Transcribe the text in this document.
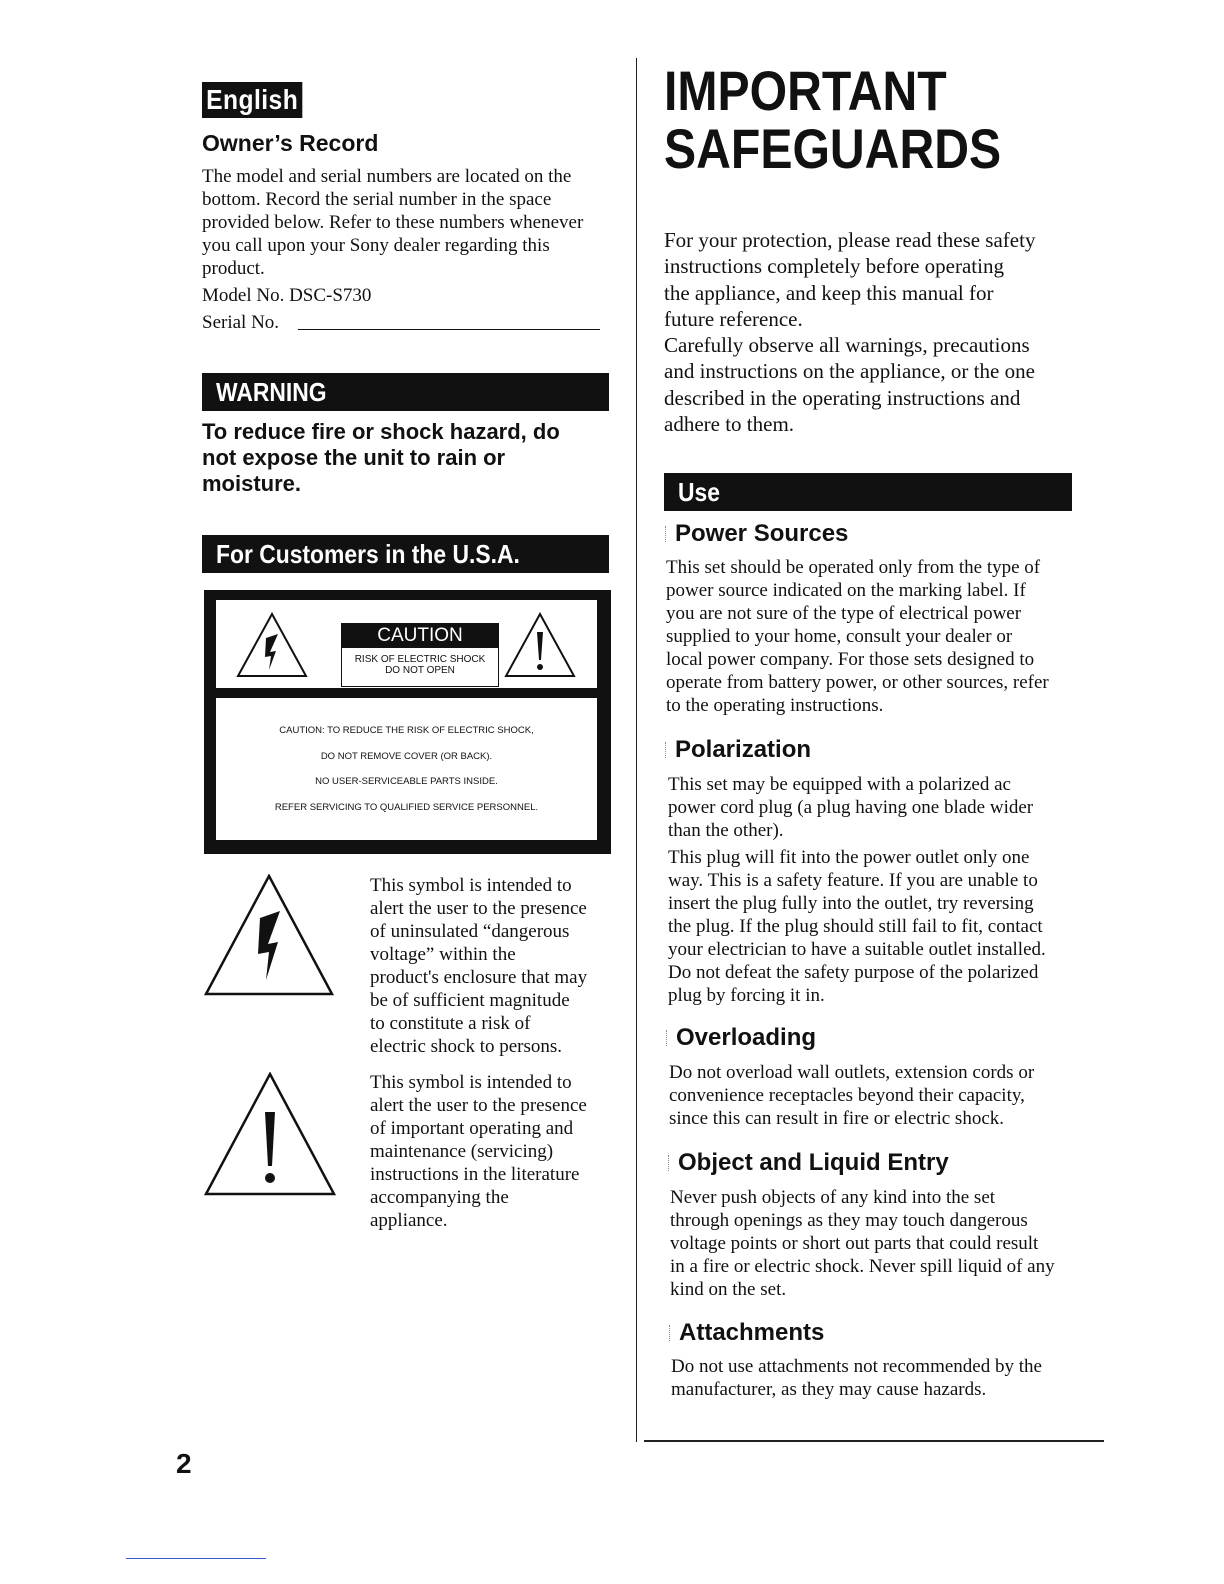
English
Owner’s Record
The model and serial numbers are located on the
bottom. Record the serial number in the space
provided below. Refer to these numbers whenever
you call upon your Sony dealer regarding this
product.
Model No. DSC-S730
Serial No.
WARNING
To reduce fire or shock hazard, do
not expose the unit to rain or
moisture.
For Customers in the U.S.A.
CAUTION
RISK OF ELECTRIC SHOCK
DO NOT OPEN
CAUTION: TO REDUCE THE RISK OF ELECTRIC SHOCK,
DO NOT REMOVE COVER (OR BACK).
NO USER-SERVICEABLE PARTS INSIDE.
REFER SERVICING TO QUALIFIED SERVICE PERSONNEL.
This symbol is intended to
alert the user to the presence
of uninsulated “dangerous
voltage” within the
product's enclosure that may
be of sufficient magnitude
to constitute a risk of
electric shock to persons.
This symbol is intended to
alert the user to the presence
of important operating and
maintenance (servicing)
instructions in the literature
accompanying the
appliance.
2
IMPORTANT
SAFEGUARDS
For your protection, please read these safety
instructions completely before operating
the appliance, and keep this manual for
future reference.
Carefully observe all warnings, precautions
and instructions on the appliance, or the one
described in the operating instructions and
adhere to them.
Use
Power Sources
This set should be operated only from the type of
power source indicated on the marking label. If
you are not sure of the type of electrical power
supplied to your home, consult your dealer or
local power company. For those sets designed to
operate from battery power, or other sources, refer
to the operating instructions.
Polarization
This set may be equipped with a polarized ac
power cord plug (a plug having one blade wider
than the other).
This plug will fit into the power outlet only one
way. This is a safety feature. If you are unable to
insert the plug fully into the outlet, try reversing
the plug. If the plug should still fail to fit, contact
your electrician to have a suitable outlet installed.
Do not defeat the safety purpose of the polarized
plug by forcing it in.
Overloading
Do not overload wall outlets, extension cords or
convenience receptacles beyond their capacity,
since this can result in fire or electric shock.
Object and Liquid Entry
Never push objects of any kind into the set
through openings as they may touch dangerous
voltage points or short out parts that could result
in a fire or electric shock. Never spill liquid of any
kind on the set.
Attachments
Do not use attachments not recommended by the
manufacturer, as they may cause hazards.
